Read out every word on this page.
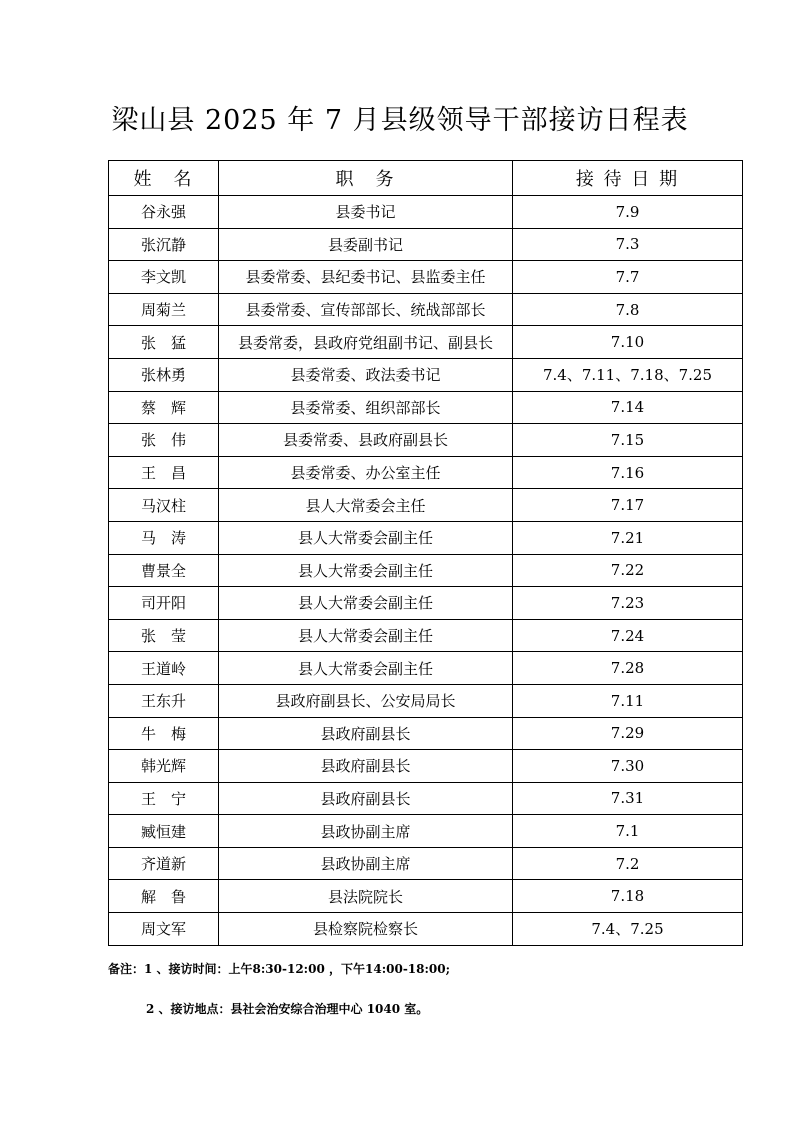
梁山县 2025 年 7 月县级领导干部接访日程表
姓　名	职　务	接 待 日 期
谷永强	县委书记	7.9
张沉静	县委副书记	7.3
李文凯	县委常委、县纪委书记、县监委主任	7.7
周菊兰	县委常委、宣传部部长、统战部部长	7.8
张　猛	县委常委，县政府党组副书记、副县长	7.10
张林勇	县委常委、政法委书记	7.4、7.11、7.18、7.25
蔡　辉	县委常委、组织部部长	7.14
张　伟	县委常委、县政府副县长	7.15
王　昌	县委常委、办公室主任	7.16
马汉柱	县人大常委会主任	7.17
马　涛	县人大常委会副主任	7.21
曹景全	县人大常委会副主任	7.22
司开阳	县人大常委会副主任	7.23
张　莹	县人大常委会副主任	7.24
王道岭	县人大常委会副主任	7.28
王东升	县政府副县长、公安局局长	7.11
牛　梅	县政府副县长	7.29
韩光辉	县政府副县长	7.30
王　宁	县政府副县长	7.31
臧恒建	县政协副主席	7.1
齐道新	县政协副主席	7.2
解　鲁	县法院院长	7.18
周文军	县检察院检察长	7.4、7.25
备注：1 、接访时间：上午8:30-12:00 ，下午14:00-18:00;
2 、接访地点：县社会治安综合治理中心 1040 室。
